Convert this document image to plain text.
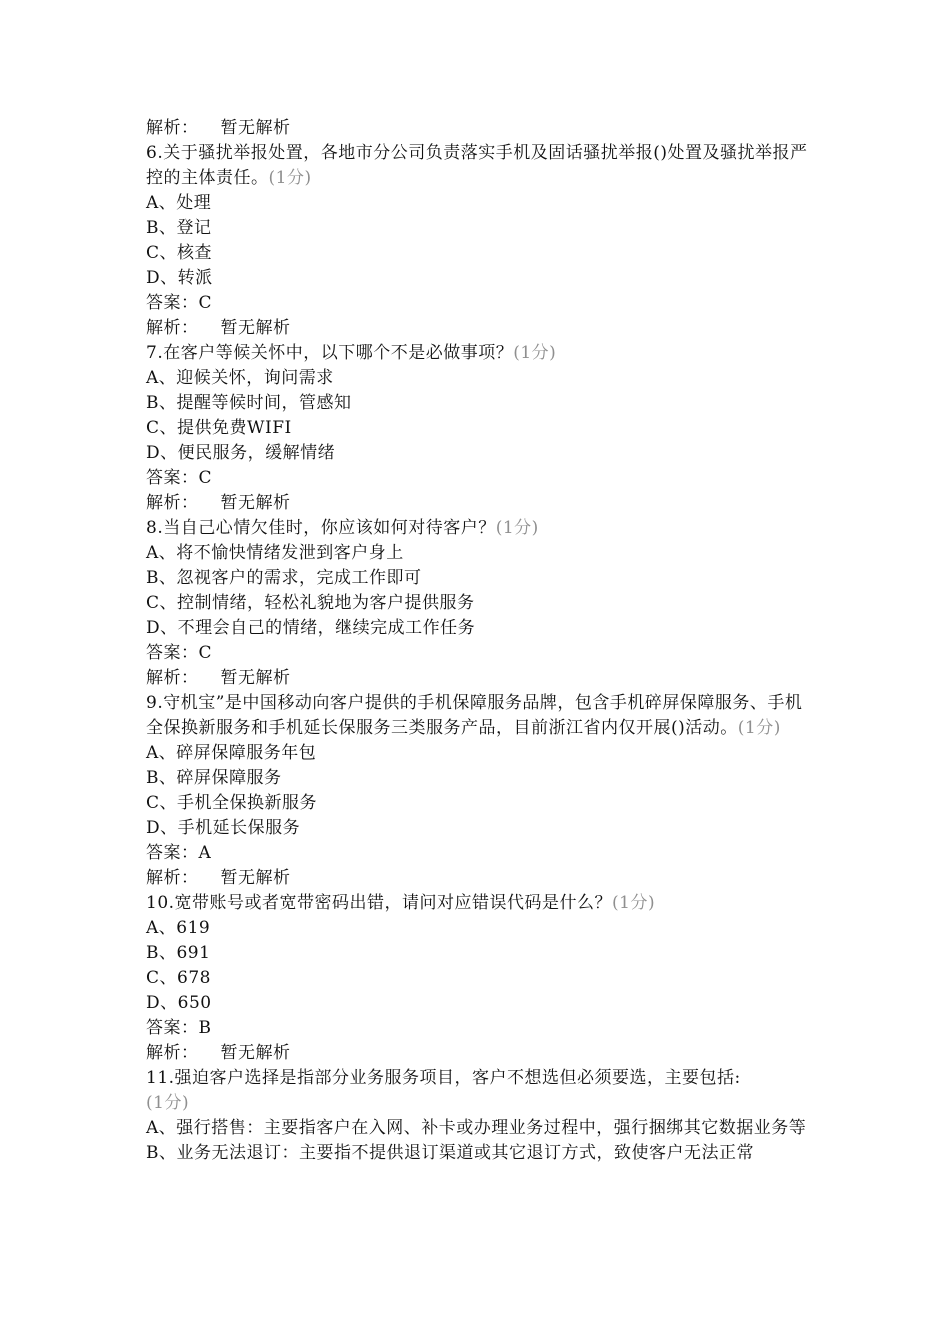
解析： 暂无解析

6.关于骚扰举报处置，各地市分公司负责落实手机及固话骚扰举报()处置及骚扰举报严控的主体责任。(1分)

A、处理

B、登记

C、核查

D、转派

答案：C

解析： 暂无解析

7.在客户等候关怀中，以下哪个不是必做事项？(1分)

A、迎候关怀，询问需求

B、提醒等候时间，管感知

C、提供免费WIFI

D、便民服务，缓解情绪

答案：C

解析： 暂无解析

8.当自己心情欠佳时，你应该如何对待客户？(1分)

A、将不愉快情绪发泄到客户身上

B、忽视客户的需求，完成工作即可

C、控制情绪，轻松礼貌地为客户提供服务

D、不理会自己的情绪，继续完成工作任务

答案：C

解析： 暂无解析

9.守机宝”是中国移动向客户提供的手机保障服务品牌，包含手机碎屏保障服务、手机全保换新服务和手机延长保服务三类服务产品，目前浙江省内仅开展()活动。(1分)

A、碎屏保障服务年包

B、碎屏保障服务

C、手机全保换新服务

D、手机延长保服务

答案：A

解析： 暂无解析

10.宽带账号或者宽带密码出错，请问对应错误代码是什么？(1分)

A、619

B、691

C、678

D、650

答案：B

解析： 暂无解析

11.强迫客户选择是指部分业务服务项目，客户不想选但必须要选，主要包括:
(1分)

A、强行搭售：主要指客户在入网、补卡或办理业务过程中，强行捆绑其它数据业务等

B、业务无法退订：主要指不提供退订渠道或其它退订方式，致使客户无法正常
